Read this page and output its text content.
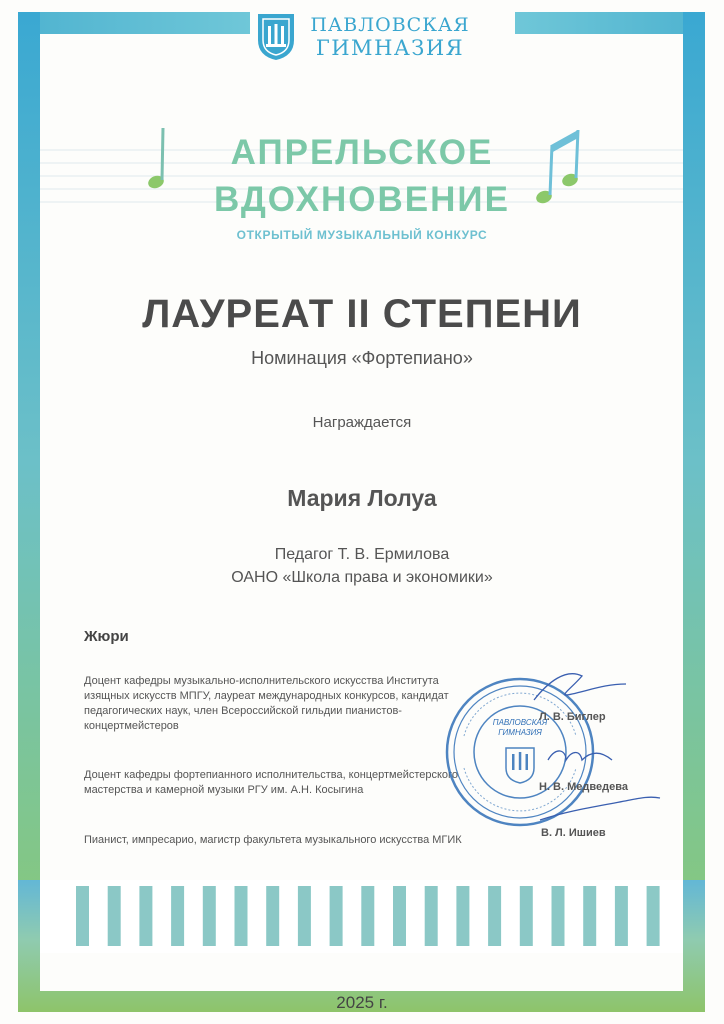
ПАВЛОВСКАЯ
ГИМНАЗИЯ
АПРЕЛЬСКОЕ
ВДОХНОВЕНИЕ
ОТКРЫТЫЙ МУЗЫКАЛЬНЫЙ КОНКУРС
ЛАУРЕАТ II СТЕПЕНИ
Номинация «Фортепиано»
Награждается
Мария Лолуа
Педагог Т. В. Ермилова
ОАНО «Школа права и экономики»
Жюри
Доцент кафедры музыкально-исполнительского искусства Института изящных искусств МПГУ, лауреат международных конкурсов, кандидат педагогических наук, член Всероссийской гильдии пианистов-концертмейстеров
Доцент кафедры фортепианного исполнительства, концертмейстерского мастерства и камерной музыки РГУ им. А.Н. Косыгина
Пианист, импресарио, магистр факультета музыкального искусства МГИК
ПАВЛОВСКАЯ
ГИМНАЗИЯ
Л. В. Биглер
Н. В. Медведева
В. Л. Ишиев
2025 г.
